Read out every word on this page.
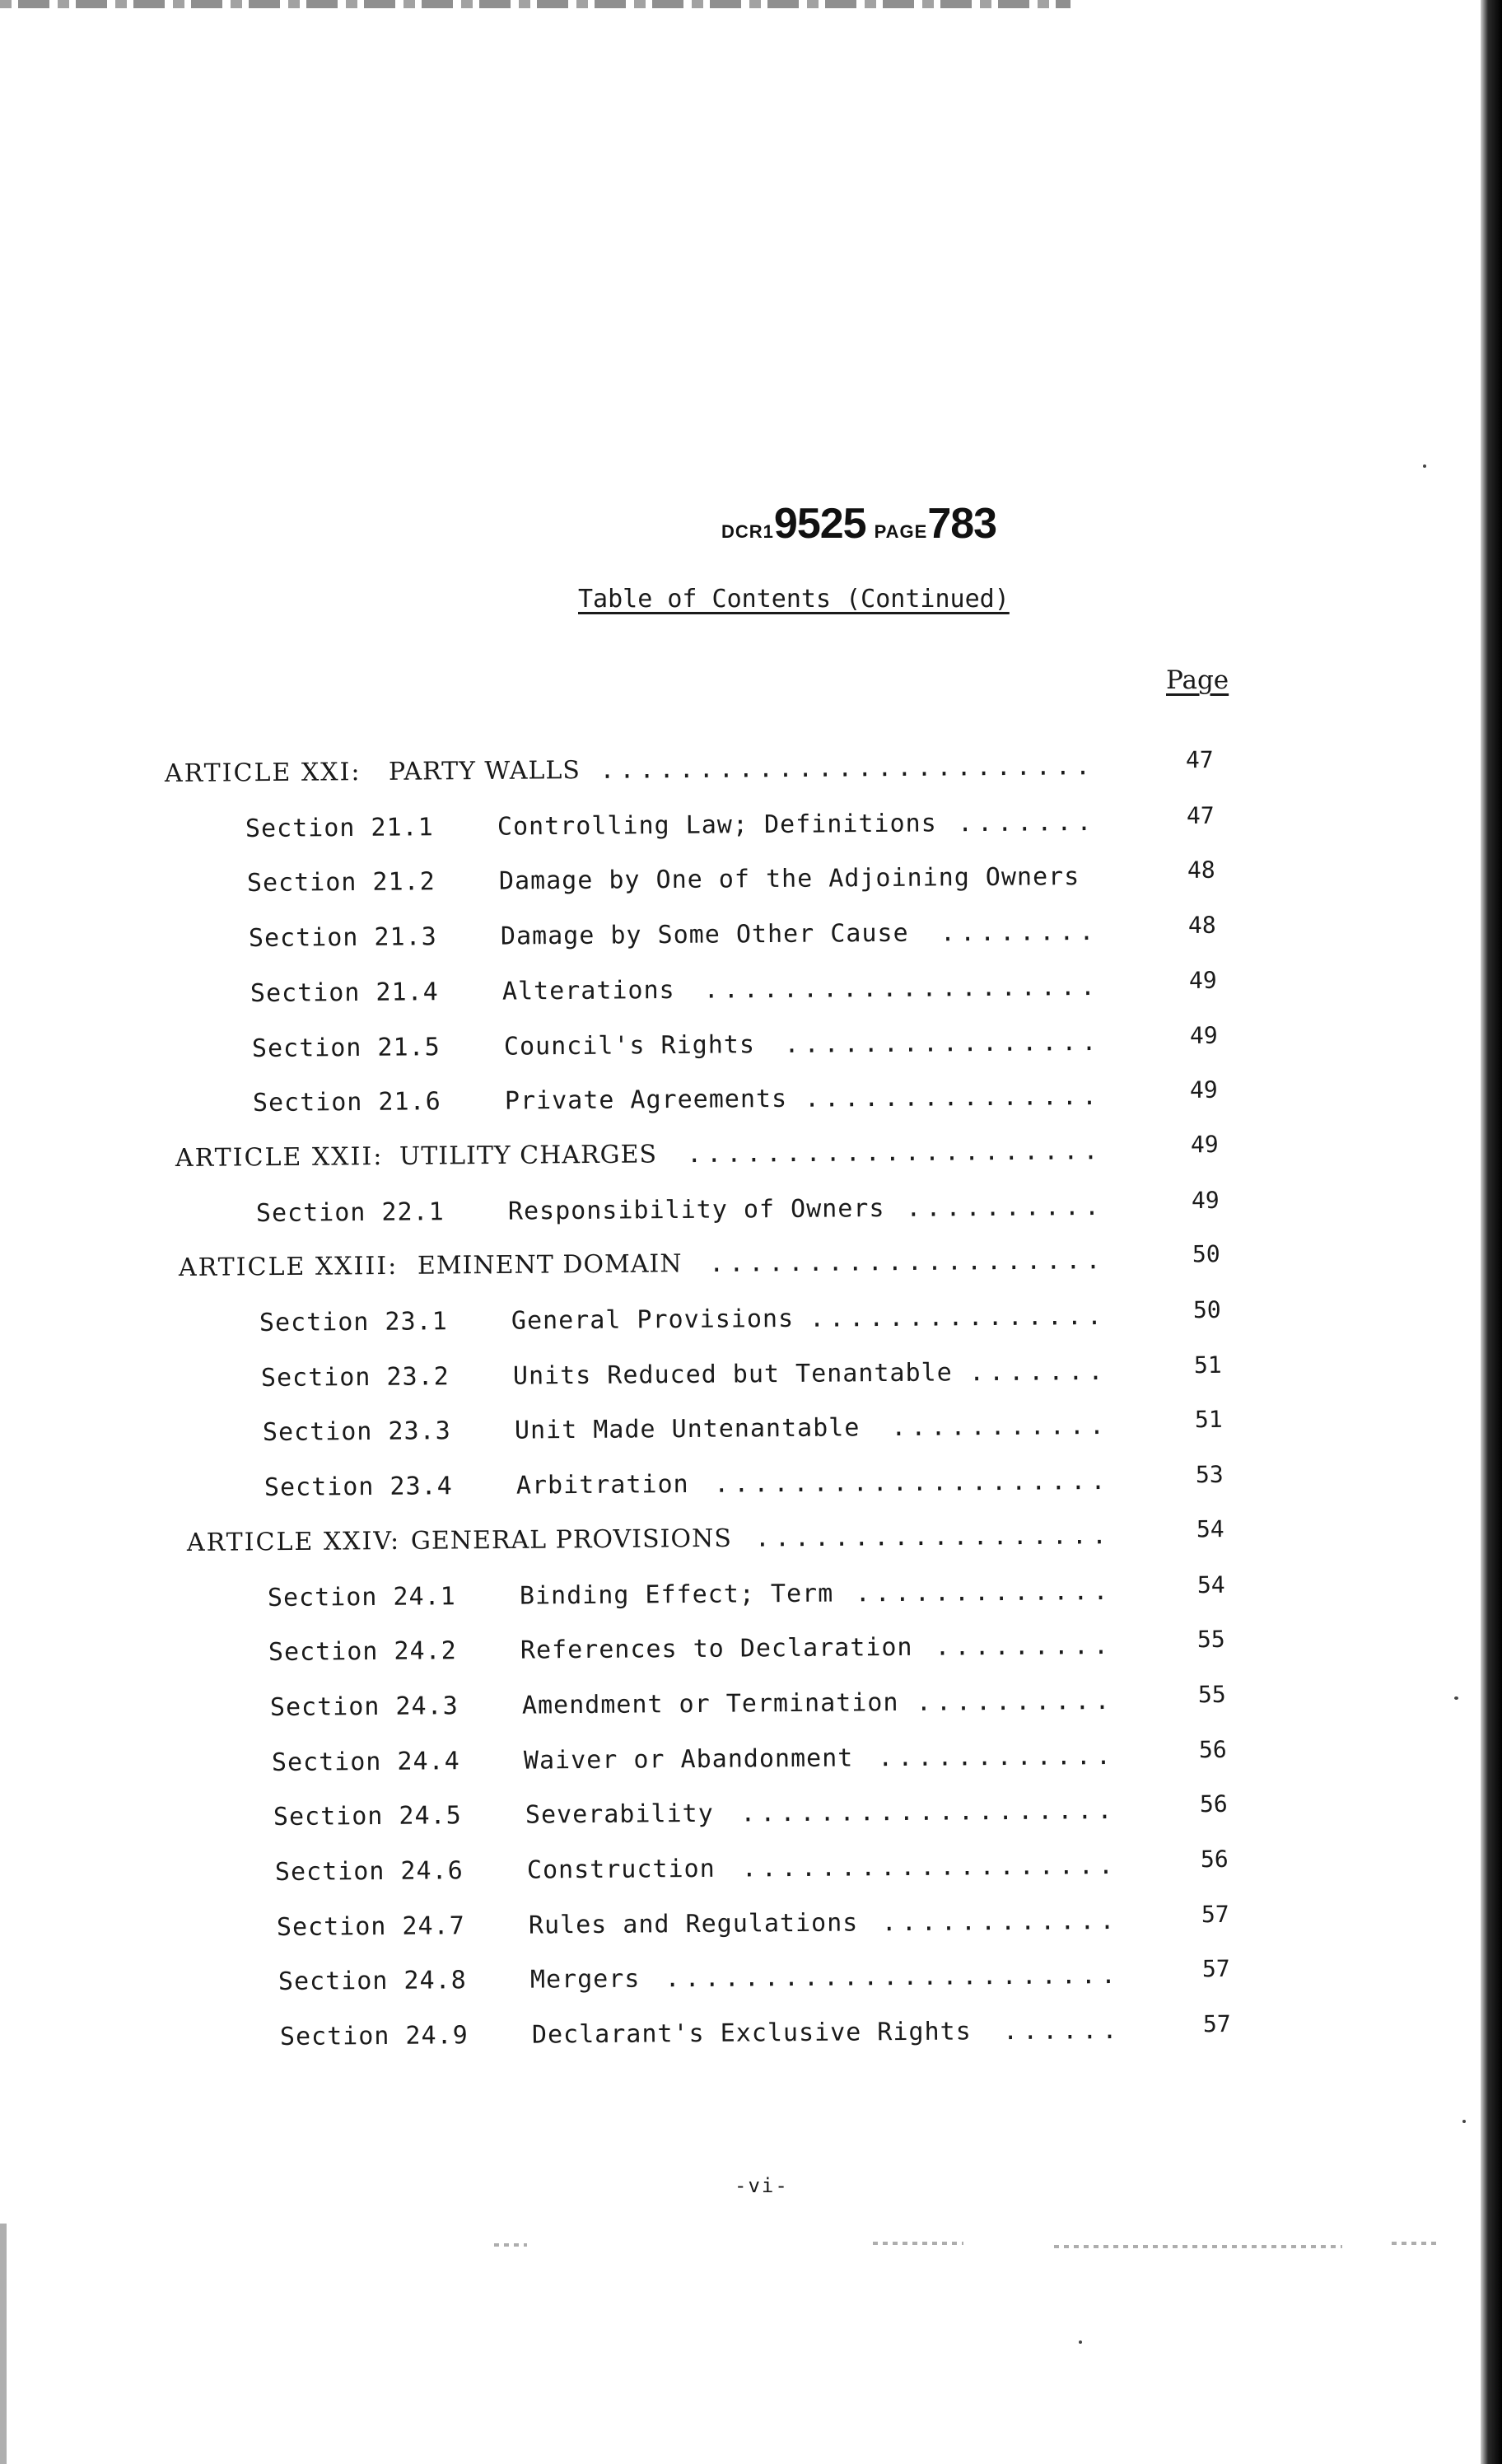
DCR1 9525 PAGE 783
Table of Contents (Continued)
Page
ARTICLE XXI: PARTY WALLS .........................	47
Section 21.1	Controlling Law; Definitions .......	47
Section 21.2	Damage by One of the Adjoining Owners	48
Section 21.3	Damage by Some Other Cause ........	48
Section 21.4	Alterations ....................	49
Section 21.5	Council's Rights ................	49
Section 21.6	Private Agreements ...............	49
ARTICLE XXII: UTILITY CHARGES .....................	49
Section 22.1	Responsibility of Owners ..........	49
ARTICLE XXIII: EMINENT DOMAIN ....................	50
Section 23.1	General Provisions ...............	50
Section 23.2	Units Reduced but Tenantable .......	51
Section 23.3	Unit Made Untenantable ...........	51
Section 23.4	Arbitration ....................	53
ARTICLE XXIV: GENERAL PROVISIONS ..................	54
Section 24.1	Binding Effect; Term .............	54
Section 24.2	References to Declaration .........	55
Section 24.3	Amendment or Termination ..........	55
Section 24.4	Waiver or Abandonment ............	56
Section 24.5	Severability ...................	56
Section 24.6	Construction ...................	56
Section 24.7	Rules and Regulations ............	57
Section 24.8	Mergers .......................	57
Section 24.9	Declarant's Exclusive Rights ......	57
-vi-
